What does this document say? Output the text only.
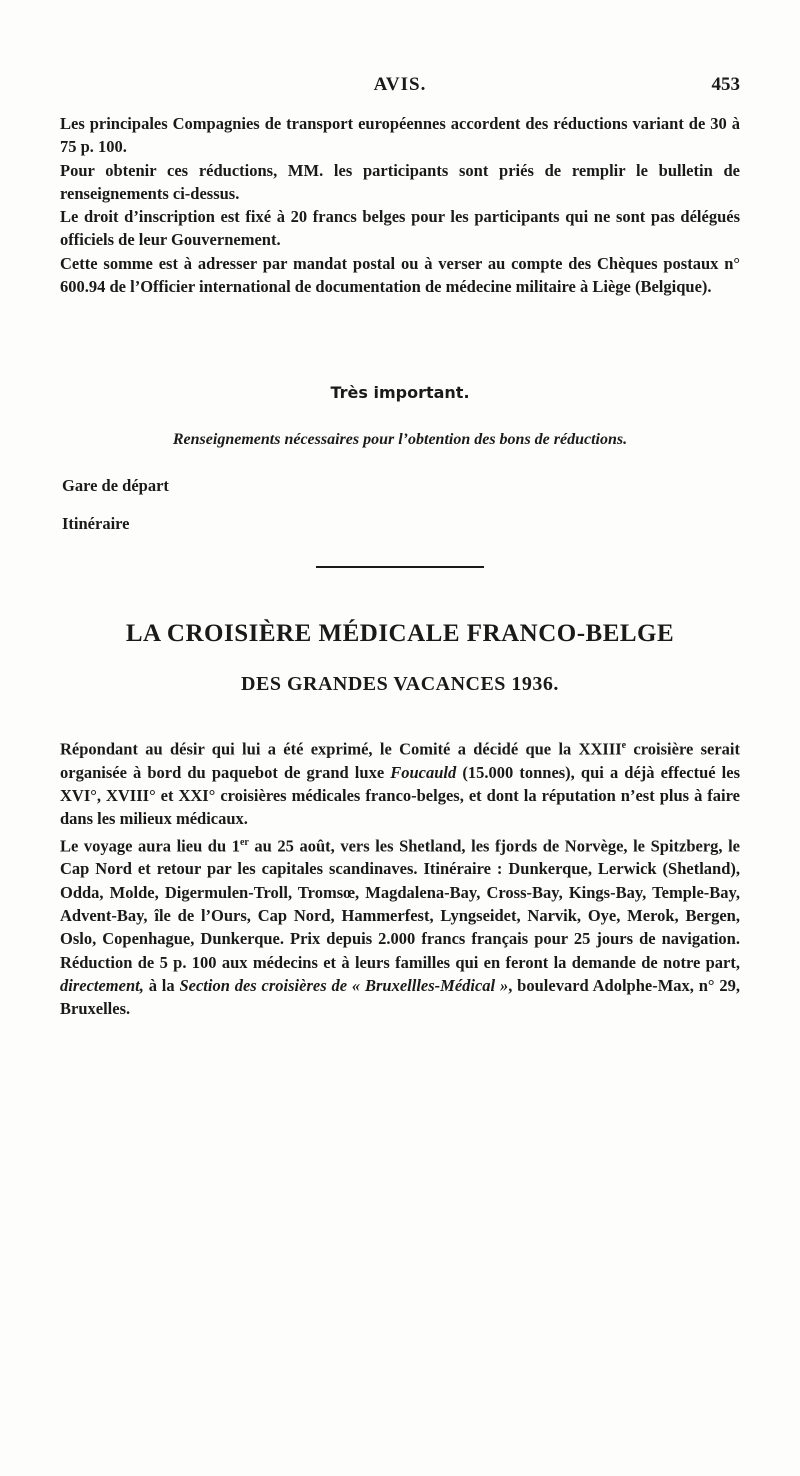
AVIS.	453

Les principales Compagnies de transport européennes accordent des réductions variant de 30 à 75 p. 100.

Pour obtenir ces réductions, MM. les participants sont priés de remplir le bulletin de renseignements ci-dessus.

Le droit d’inscription est fixé à 20 francs belges pour les participants qui ne sont pas délégués officiels de leur Gouvernement.

Cette somme est à adresser par mandat postal ou à verser au compte des Chèques postaux n° 600.94 de l’Officier international de documentation de médecine militaire à Liège (Belgique).

Très important.
Renseignements nécessaires pour l’obtention des bons de réductions.
Gare de départ
Itinéraire
LA CROISIÈRE MÉDICALE FRANCO-BELGE
DES GRANDES VACANCES 1936.

Répondant au désir qui lui a été exprimé, le Comité a décidé que la XXIIIe croisière serait organisée à bord du paquebot de grand luxe Foucauld (15.000 tonnes), qui a déjà effectué les XVI°, XVIII° et XXI° croisières médicales franco-belges, et dont la réputation n’est plus à faire dans les milieux médicaux.

Le voyage aura lieu du 1er au 25 août, vers les Shetland, les fjords de Norvège, le Spitzberg, le Cap Nord et retour par les capitales scandinaves. Itinéraire : Dunkerque, Lerwick (Shetland), Odda, Molde, Digermulen-Troll, Tromsœ, Magdalena-Bay, Cross-Bay, Kings-Bay, Temple-Bay, Advent-Bay, île de l’Ours, Cap Nord, Hammerfest, Lyngseidet, Narvik, Oye, Merok, Bergen, Oslo, Copenhague, Dunkerque. Prix depuis 2.000 francs français pour 25 jours de navigation. Réduction de 5 p. 100 aux médecins et à leurs familles qui en feront la demande de notre part, directement, à la Section des croisières de « Bruxellles-Médical », boulevard Adolphe-Max, n° 29, Bruxelles.
